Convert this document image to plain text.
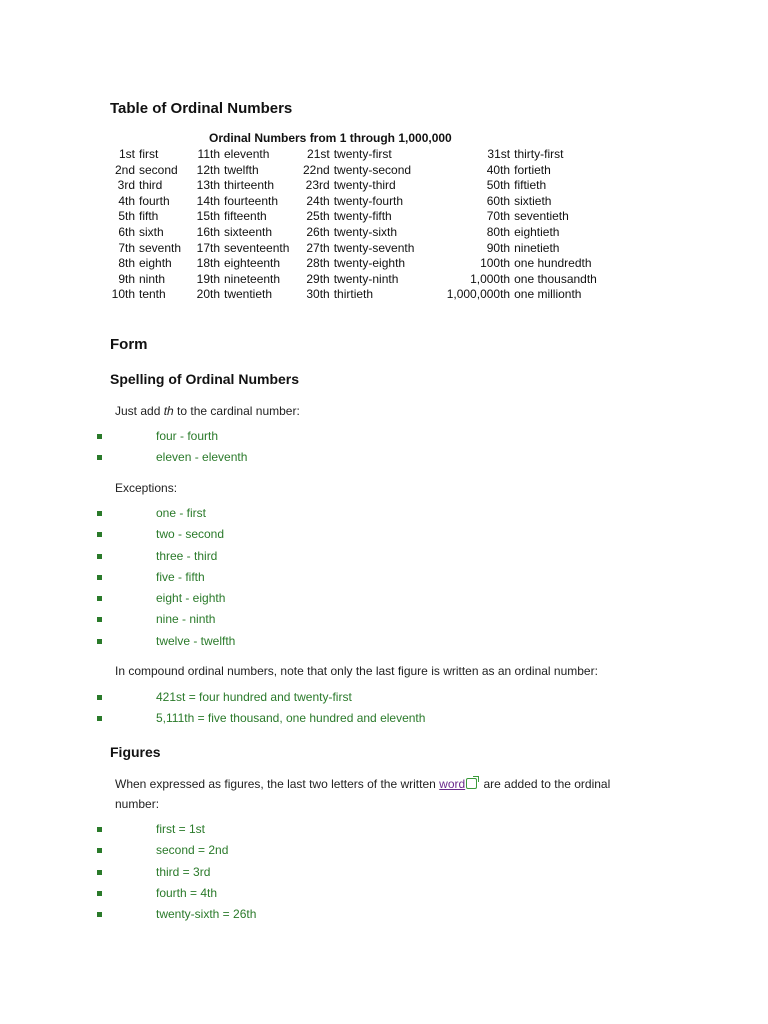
Table of Ordinal Numbers
Ordinal Numbers from 1 through 1,000,000
1st	first	11th	eleventh	21st	twenty-first	31st	thirty-first
2nd	second	12th	twelfth	22nd	twenty-second	40th	fortieth
3rd	third	13th	thirteenth	23rd	twenty-third	50th	fiftieth
4th	fourth	14th	fourteenth	24th	twenty-fourth	60th	sixtieth
5th	fifth	15th	fifteenth	25th	twenty-fifth	70th	seventieth
6th	sixth	16th	sixteenth	26th	twenty-sixth	80th	eightieth
7th	seventh	17th	seventeenth	27th	twenty-seventh	90th	ninetieth
8th	eighth	18th	eighteenth	28th	twenty-eighth	100th	one hundredth
9th	ninth	19th	nineteenth	29th	twenty-ninth	1,000th	one thousandth
10th	tenth	20th	twentieth	30th	thirtieth	1,000,000th	one millionth
Form
Spelling of Ordinal Numbers

Just add th to the cardinal number:

four - fourth
eleven - eleventh

Exceptions:

one - first
two - second
three - third
five - fifth
eight - eighth
nine - ninth
twelve - twelfth

In compound ordinal numbers, note that only the last figure is written as an ordinal number:

421st = four hundred and twenty-first
5,111th = five thousand, one hundred and eleventh
Figures

When expressed as figures, the last two letters of the written word are added to the ordinal number:

first = 1st
second = 2nd
third = 3rd
fourth = 4th
twenty-sixth = 26th
